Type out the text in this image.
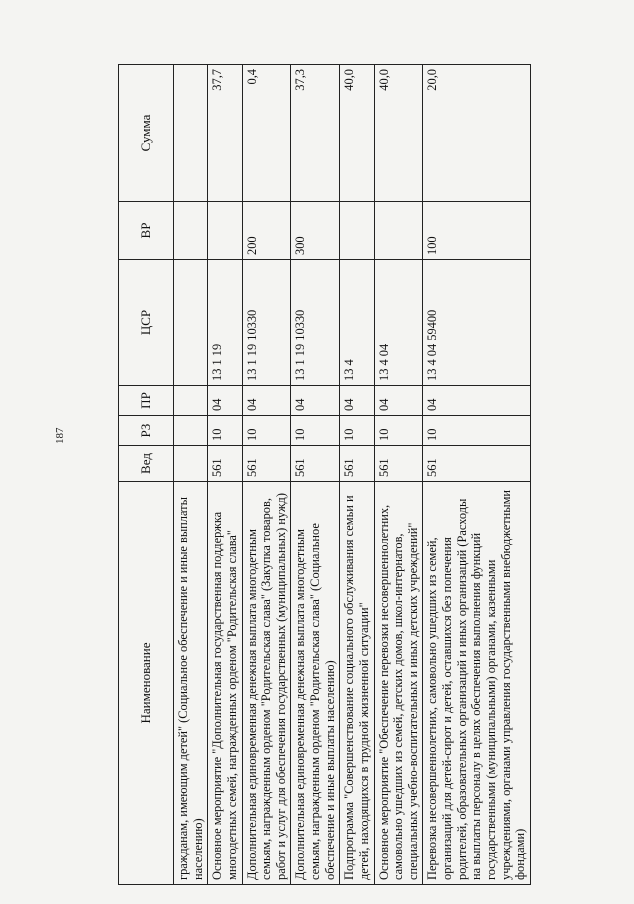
187
Наименование	Вед	РЗ	ПР	ЦСР	ВР	Сумма
гражданам, имеющим детей" (Социальное обеспечение и иные выплаты населению)						
Основное мероприятие "Дополнительная государственная поддержка многодетных семей, награжденных орденом "Родительская слава"	561	10	04	13 1 19		37,7
Дополнительная единовременная денежная выплата многодетным семьям, награжденным орденом "Родительская слава" (Закупка товаров, работ и услуг для обеспечения государственных (муниципальных) нужд)	561	10	04	13 1 19 10330	200	0,4
Дополнительная единовременная денежная выплата многодетным семьям, награжденным орденом "Родительская слава" (Социальное обеспечение и иные выплаты населению)	561	10	04	13 1 19 10330	300	37,3
Подпрограмма "Совершенствование социального обслуживания семьи и детей, находящихся в трудной жизненной ситуации"	561	10	04	13 4		40,0
Основное мероприятие "Обеспечение перевозки несовершеннолетних, самовольно ушедших из семей, детских домов, школ-интернатов, специальных учебно-воспитательных и иных детских учреждений"	561	10	04	13 4 04		40,0
Перевозка несовершеннолетних, самовольно ушедших из семей, организаций для детей-сирот и детей, оставшихся без попечения родителей, образовательных организаций и иных организаций (Расходы на выплаты персоналу в целях обеспечения выполнения функций государственными (муниципальными) органами, казенными учреждениями, органами управления государственными внебюджетными фондами)	561	10	04	13 4 04 59400	100	20,0
